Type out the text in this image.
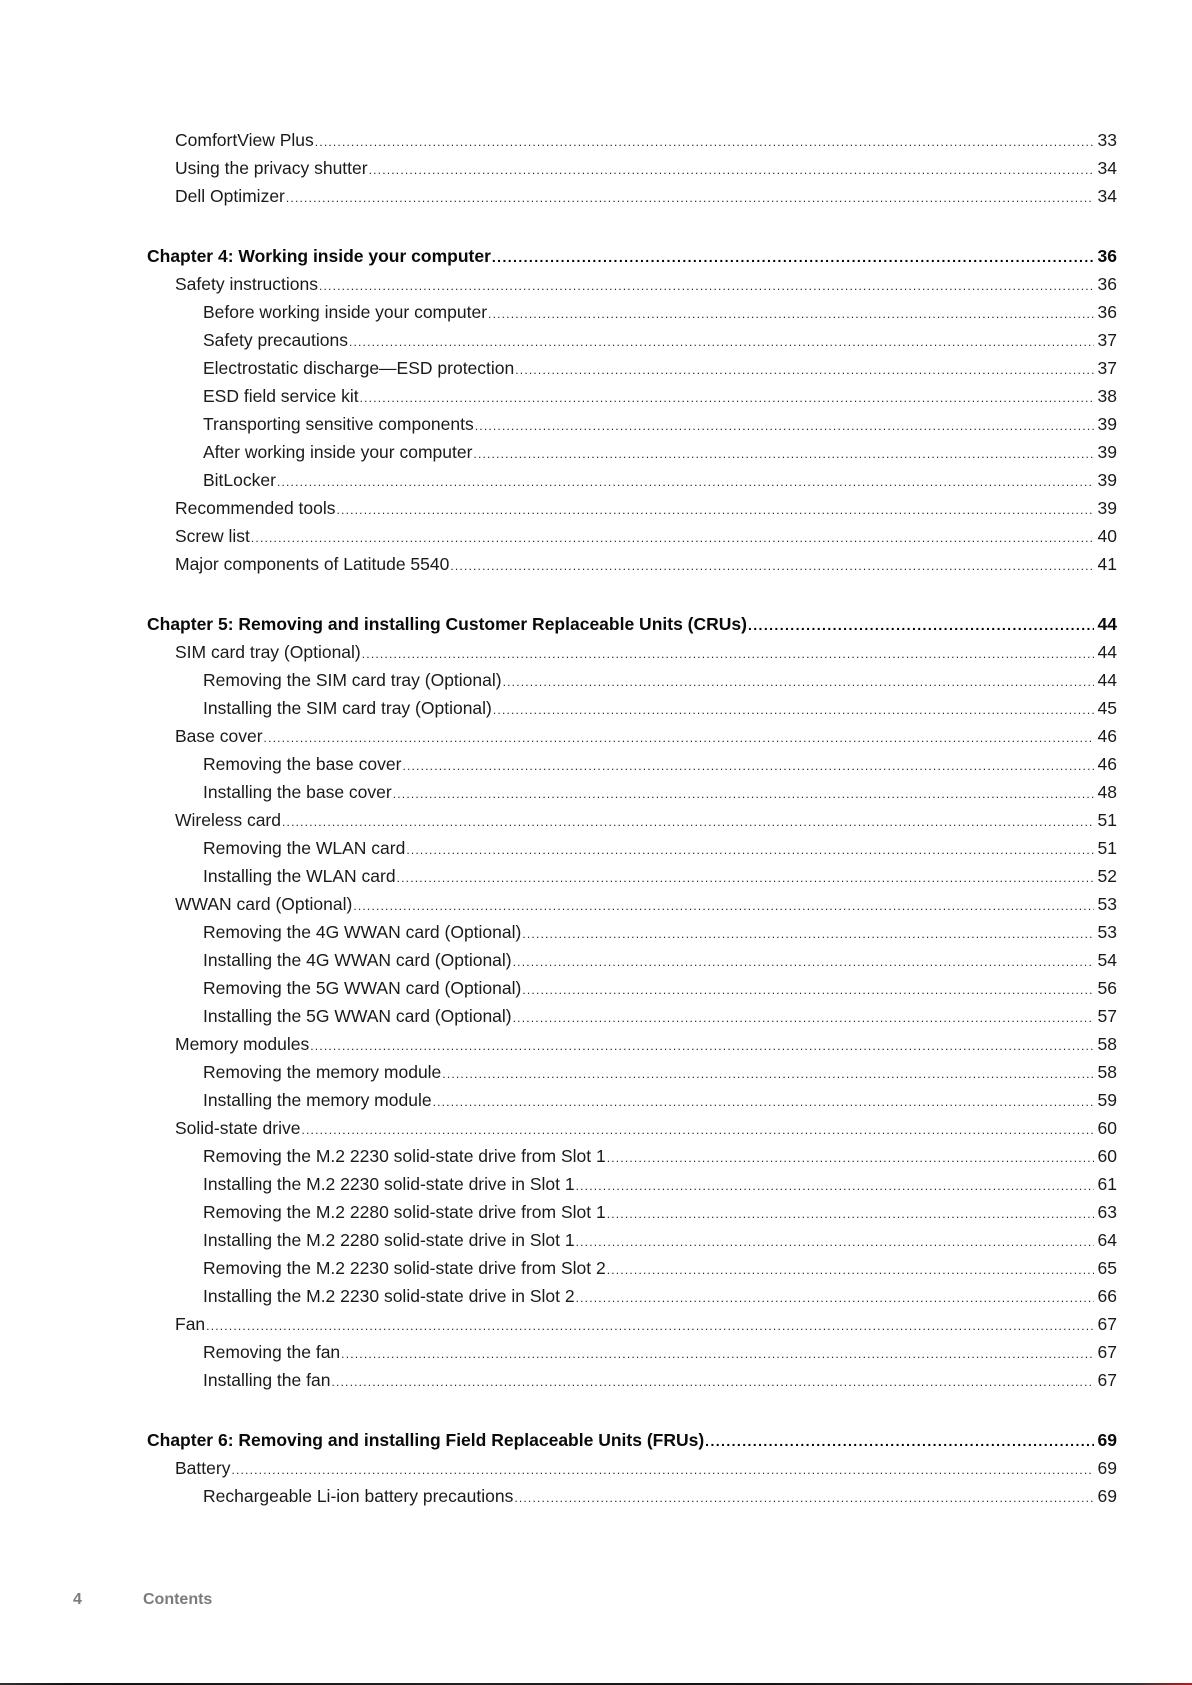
ComfortView Plus .....	33
Using the privacy shutter .....	34
Dell Optimizer .....	34
Chapter 4: Working inside your computer .....	36
Safety instructions .....	36
Before working inside your computer .....	36
Safety precautions .....	37
Electrostatic discharge—ESD protection .....	37
ESD field service kit .....	38
Transporting sensitive components .....	39
After working inside your computer .....	39
BitLocker .....	39
Recommended tools .....	39
Screw list .....	40
Major components of Latitude 5540 .....	41
Chapter 5: Removing and installing Customer Replaceable Units (CRUs) .....	44
SIM card tray (Optional) .....	44
Removing the SIM card tray (Optional) .....	44
Installing the SIM card tray (Optional) .....	45
Base cover .....	46
Removing the base cover .....	46
Installing the base cover .....	48
Wireless card .....	51
Removing the WLAN card .....	51
Installing the WLAN card .....	52
WWAN card (Optional) .....	53
Removing the 4G WWAN card (Optional) .....	53
Installing the 4G WWAN card (Optional) .....	54
Removing the 5G WWAN card (Optional) .....	56
Installing the 5G WWAN card (Optional) .....	57
Memory modules .....	58
Removing the memory module .....	58
Installing the memory module .....	59
Solid-state drive .....	60
Removing the M.2 2230 solid-state drive from Slot 1 .....	60
Installing the M.2 2230 solid-state drive in Slot 1 .....	61
Removing the M.2 2280 solid-state drive from Slot 1 .....	63
Installing the M.2 2280 solid-state drive in Slot 1 .....	64
Removing the M.2 2230 solid-state drive from Slot 2 .....	65
Installing the M.2 2230 solid-state drive in Slot 2 .....	66
Fan .....	67
Removing the fan .....	67
Installing the fan .....	67
Chapter 6: Removing and installing Field Replaceable Units (FRUs) .....	69
Battery .....	69
Rechargeable Li-ion battery precautions .....	69
4	Contents
